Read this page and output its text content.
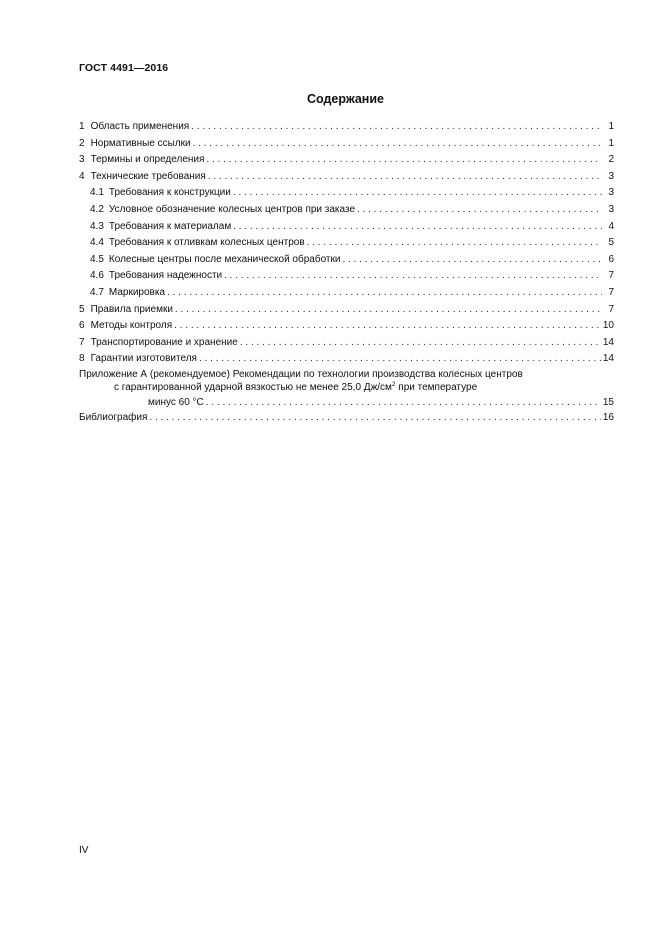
ГОСТ 4491—2016
Содержание
1 Область применения . . .	1
2 Нормативные ссылки . . .	1
3 Термины и определения . . .	2
4 Технические требования . . .	3
4.1 Требования к конструкции . . .	3
4.2 Условное обозначение колесных центров при заказе . . .	3
4.3 Требования к материалам . . .	4
4.4 Требования к отливкам колесных центров . . .	5
4.5 Колесные центры после механической обработки . . .	6
4.6 Требования надежности . . .	7
4.7 Маркировка . . .	7
5 Правила приемки . . .	7
6 Методы контроля . . .	10
7 Транспортирование и хранение . . .	14
8 Гарантии изготовителя . . .	14
Приложение А (рекомендуемое) Рекомендации по технологии производства колесных центров
с гарантированной ударной вязкостью не менее 25,0 $Дж/см^2$ при температуре
минус 60 °С . . .	15
Библиография . . .	16
IV
